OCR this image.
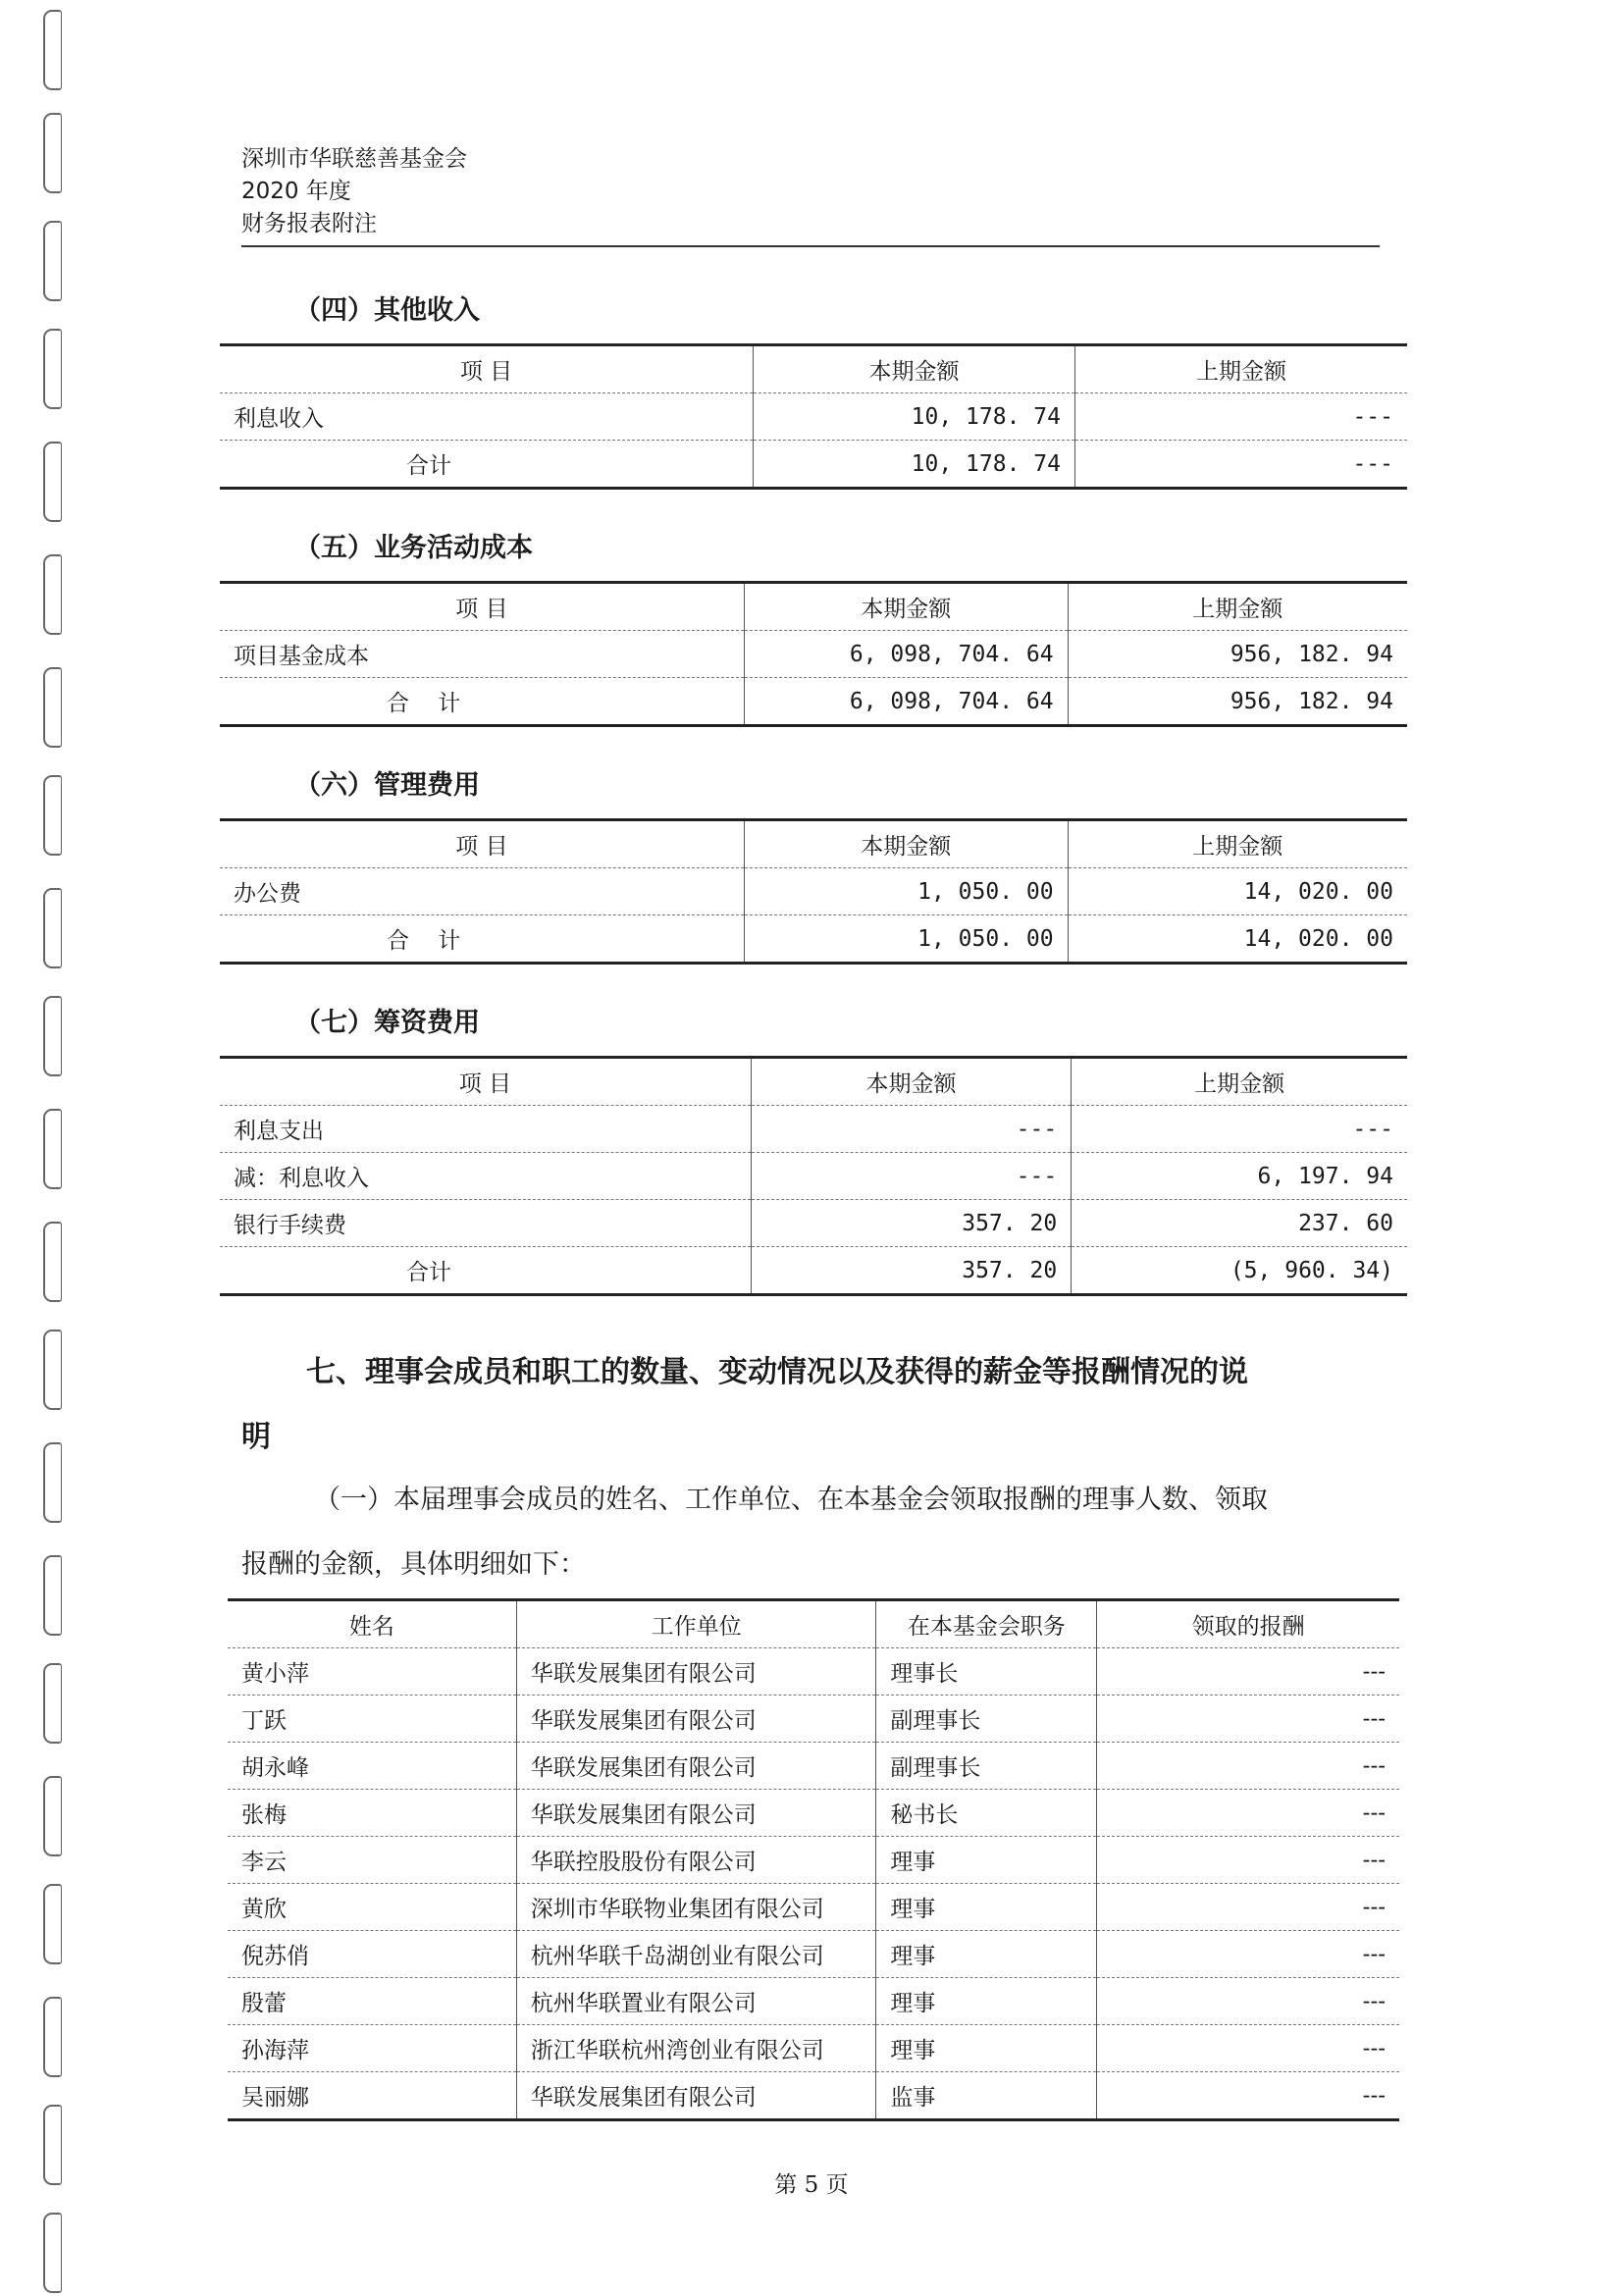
深圳市华联慈善基金会
2020 年度
财务报表附注
（四）其他收入
项 目	本期金额	上期金额
利息收入	10, 178. 74	---
合计	10, 178. 74	---
（五）业务活动成本
项 目	本期金额	上期金额
项目基金成本	6, 098, 704. 64	956, 182. 94
合    计	6, 098, 704. 64	956, 182. 94
（六）管理费用
项 目	本期金额	上期金额
办公费	1, 050. 00	14, 020. 00
合    计	1, 050. 00	14, 020. 00
（七）筹资费用
项 目	本期金额	上期金额
利息支出	---	---
减：利息收入	---	6, 197. 94
银行手续费	357. 20	237. 60
合计	357. 20	(5, 960. 34)
七、理事会成员和职工的数量、变动情况以及获得的薪金等报酬情况的说
明
（一）本届理事会成员的姓名、工作单位、在本基金会领取报酬的理事人数、领取
报酬的金额，具体明细如下：
姓名	工作单位	在本基金会职务	领取的报酬
黄小萍	华联发展集团有限公司	理事长	---
丁跃	华联发展集团有限公司	副理事长	---
胡永峰	华联发展集团有限公司	副理事长	---
张梅	华联发展集团有限公司	秘书长	---
李云	华联控股股份有限公司	理事	---
黄欣	深圳市华联物业集团有限公司	理事	---
倪苏俏	杭州华联千岛湖创业有限公司	理事	---
殷蕾	杭州华联置业有限公司	理事	---
孙海萍	浙江华联杭州湾创业有限公司	理事	---
吴丽娜	华联发展集团有限公司	监事	---
第 5 页
